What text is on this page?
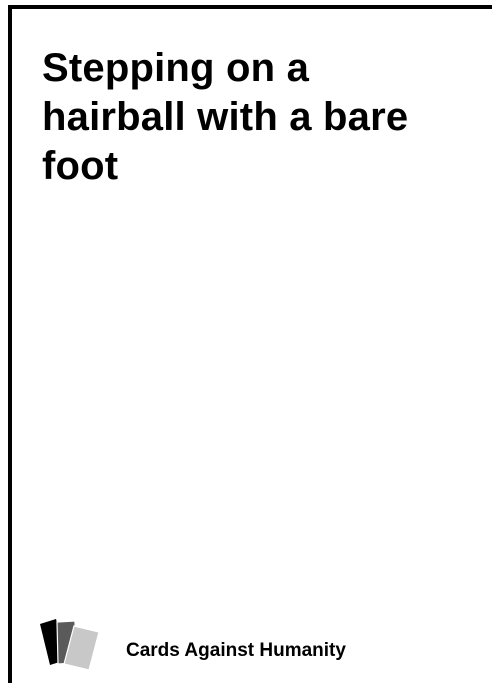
Stepping on a hairball with a bare foot

Cards Against Humanity
